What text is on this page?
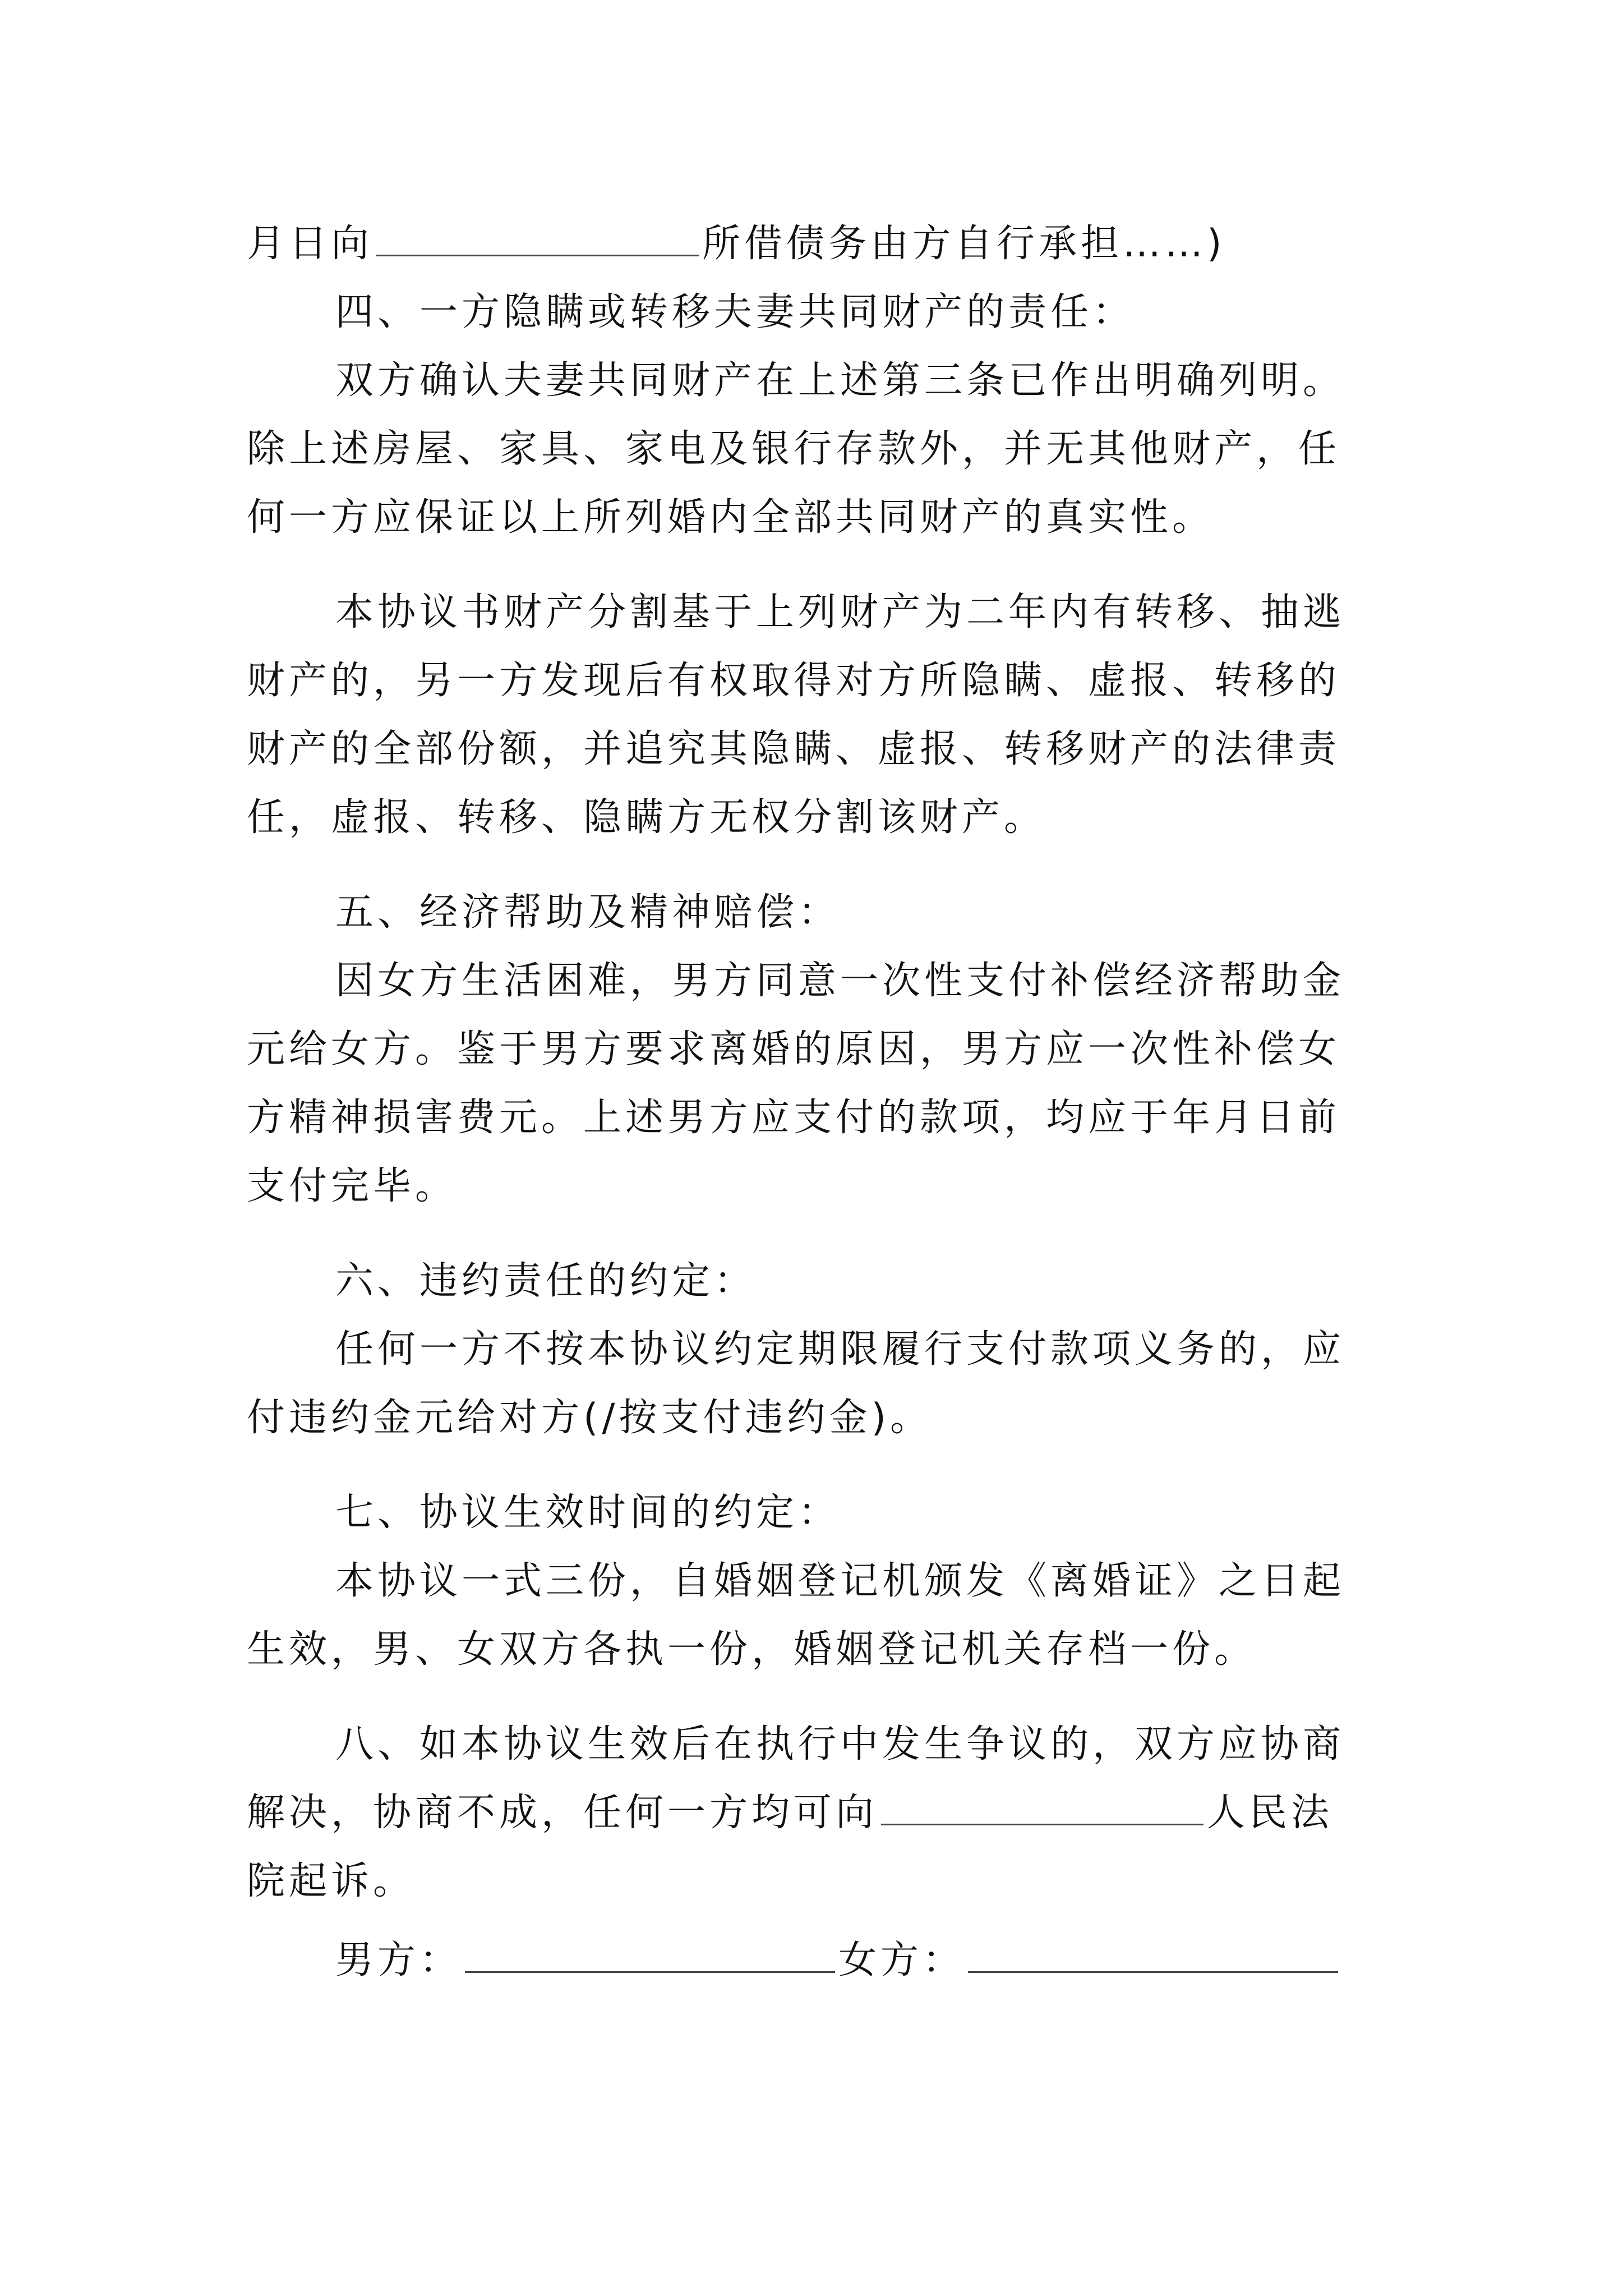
月日向	所借债务由方自行承担……)
四、一方隐瞒或转移夫妻共同财产的责任：
双方确认夫妻共同财产在上述第三条已作出明确列明。
除上述房屋、家具、家电及银行存款外，并无其他财产，任
何一方应保证以上所列婚内全部共同财产的真实性。
本协议书财产分割基于上列财产为二年内有转移、抽逃
财产的，另一方发现后有权取得对方所隐瞒、虚报、转移的
财产的全部份额，并追究其隐瞒、虚报、转移财产的法律责
任，虚报、转移、隐瞒方无权分割该财产。
五、经济帮助及精神赔偿：
因女方生活困难，男方同意一次性支付补偿经济帮助金
元给女方。鉴于男方要求离婚的原因，男方应一次性补偿女
方精神损害费元。上述男方应支付的款项，均应于年月日前
支付完毕。
六、违约责任的约定：
任何一方不按本协议约定期限履行支付款项义务的，应
付违约金元给对方(/按支付违约金)。
七、协议生效时间的约定：
本协议一式三份，自婚姻登记机颁发《离婚证》之日起
生效，男、女双方各执一份，婚姻登记机关存档一份。
八、如本协议生效后在执行中发生争议的，双方应协商
解决，协商不成，任何一方均可向	人民法
院起诉。
男方：	女方：
